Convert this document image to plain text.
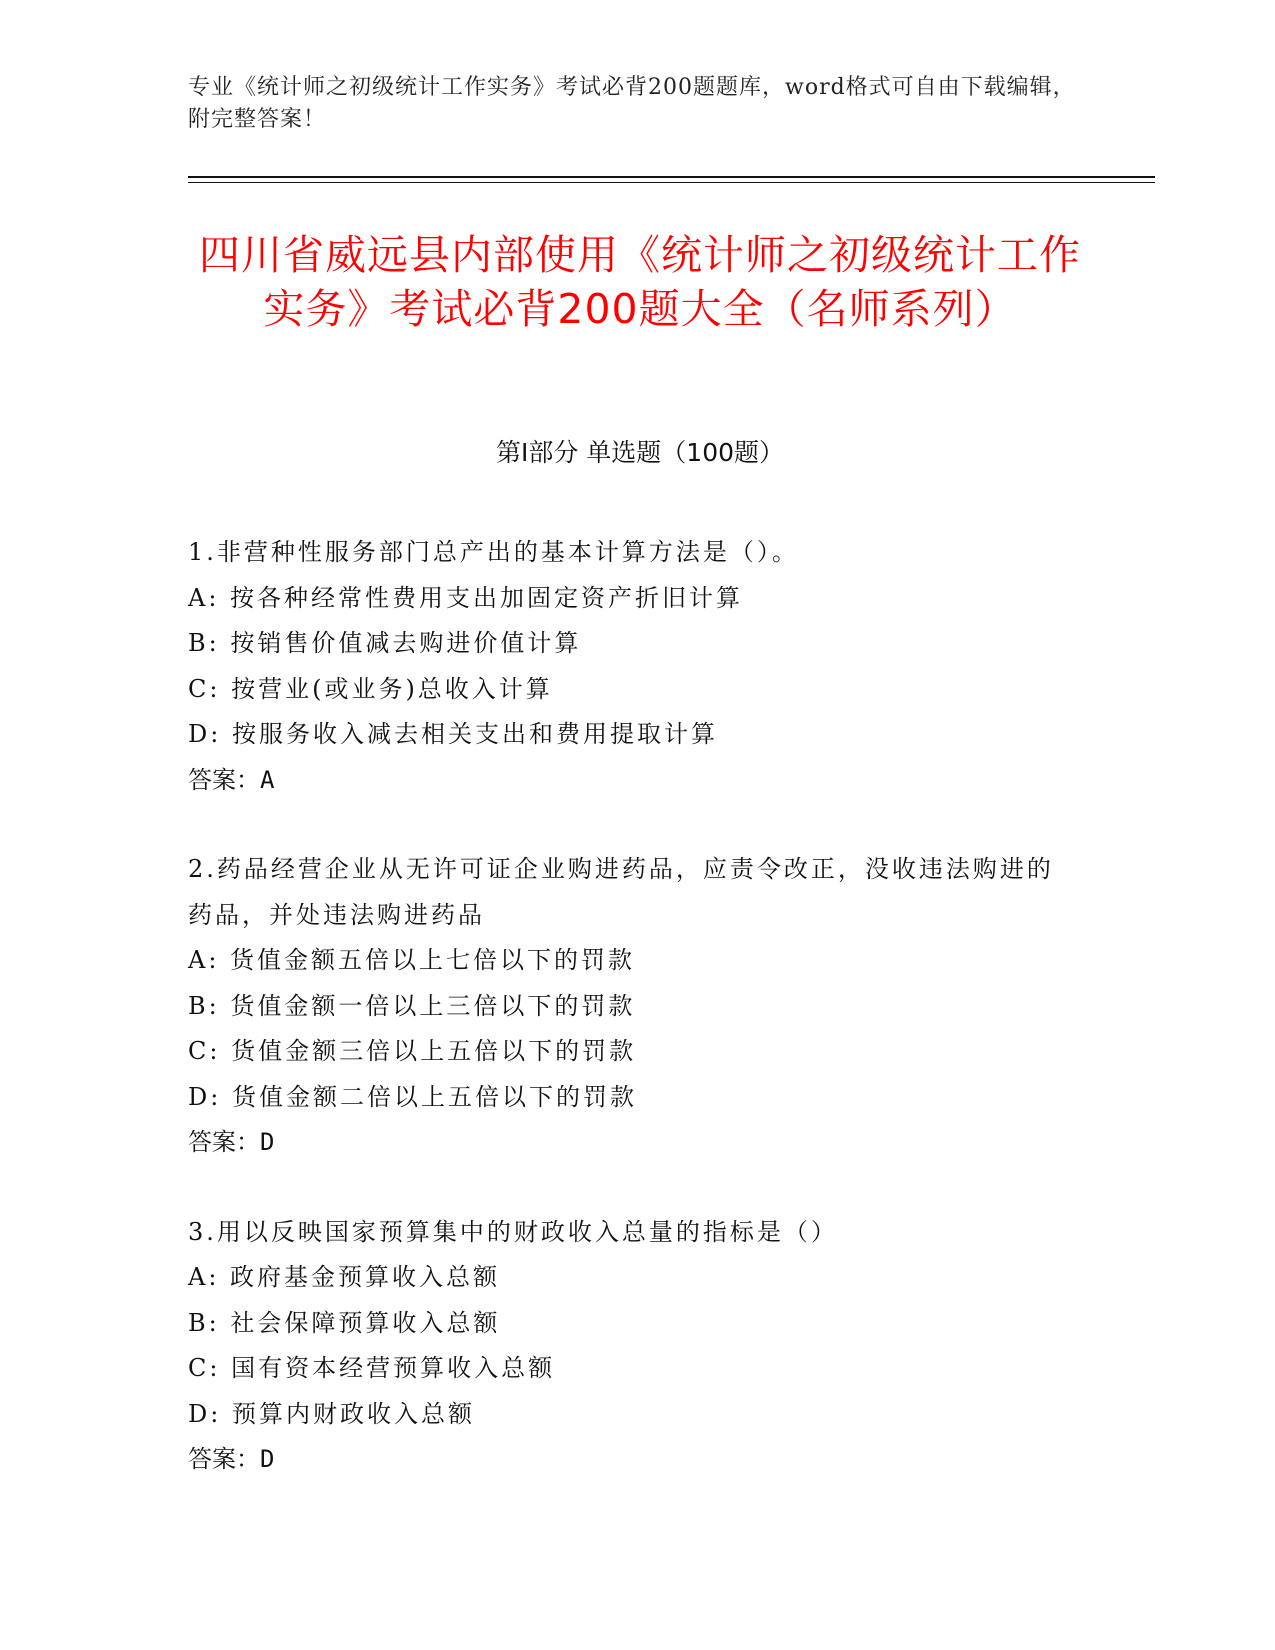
专业《统计师之初级统计工作实务》考试必背200题题库，word格式可自由下载编辑，附完整答案！
四川省威远县内部使用《统计师之初级统计工作实务》考试必背200题大全（名师系列）
第I部分 单选题（100题）
1.非营种性服务部门总产出的基本计算方法是（）。
A: 按各种经常性费用支出加固定资产折旧计算
B: 按销售价值减去购进价值计算
C: 按营业(或业务)总收入计算
D: 按服务收入减去相关支出和费用提取计算
答案：A
2.药品经营企业从无许可证企业购进药品，应责令改正，没收违法购进的药品，并处违法购进药品
A: 货值金额五倍以上七倍以下的罚款
B: 货值金额一倍以上三倍以下的罚款
C: 货值金额三倍以上五倍以下的罚款
D: 货值金额二倍以上五倍以下的罚款
答案：D
3.用以反映国家预算集中的财政收入总量的指标是（）
A: 政府基金预算收入总额
B: 社会保障预算收入总额
C: 国有资本经营预算收入总额
D: 预算内财政收入总额
答案：D
